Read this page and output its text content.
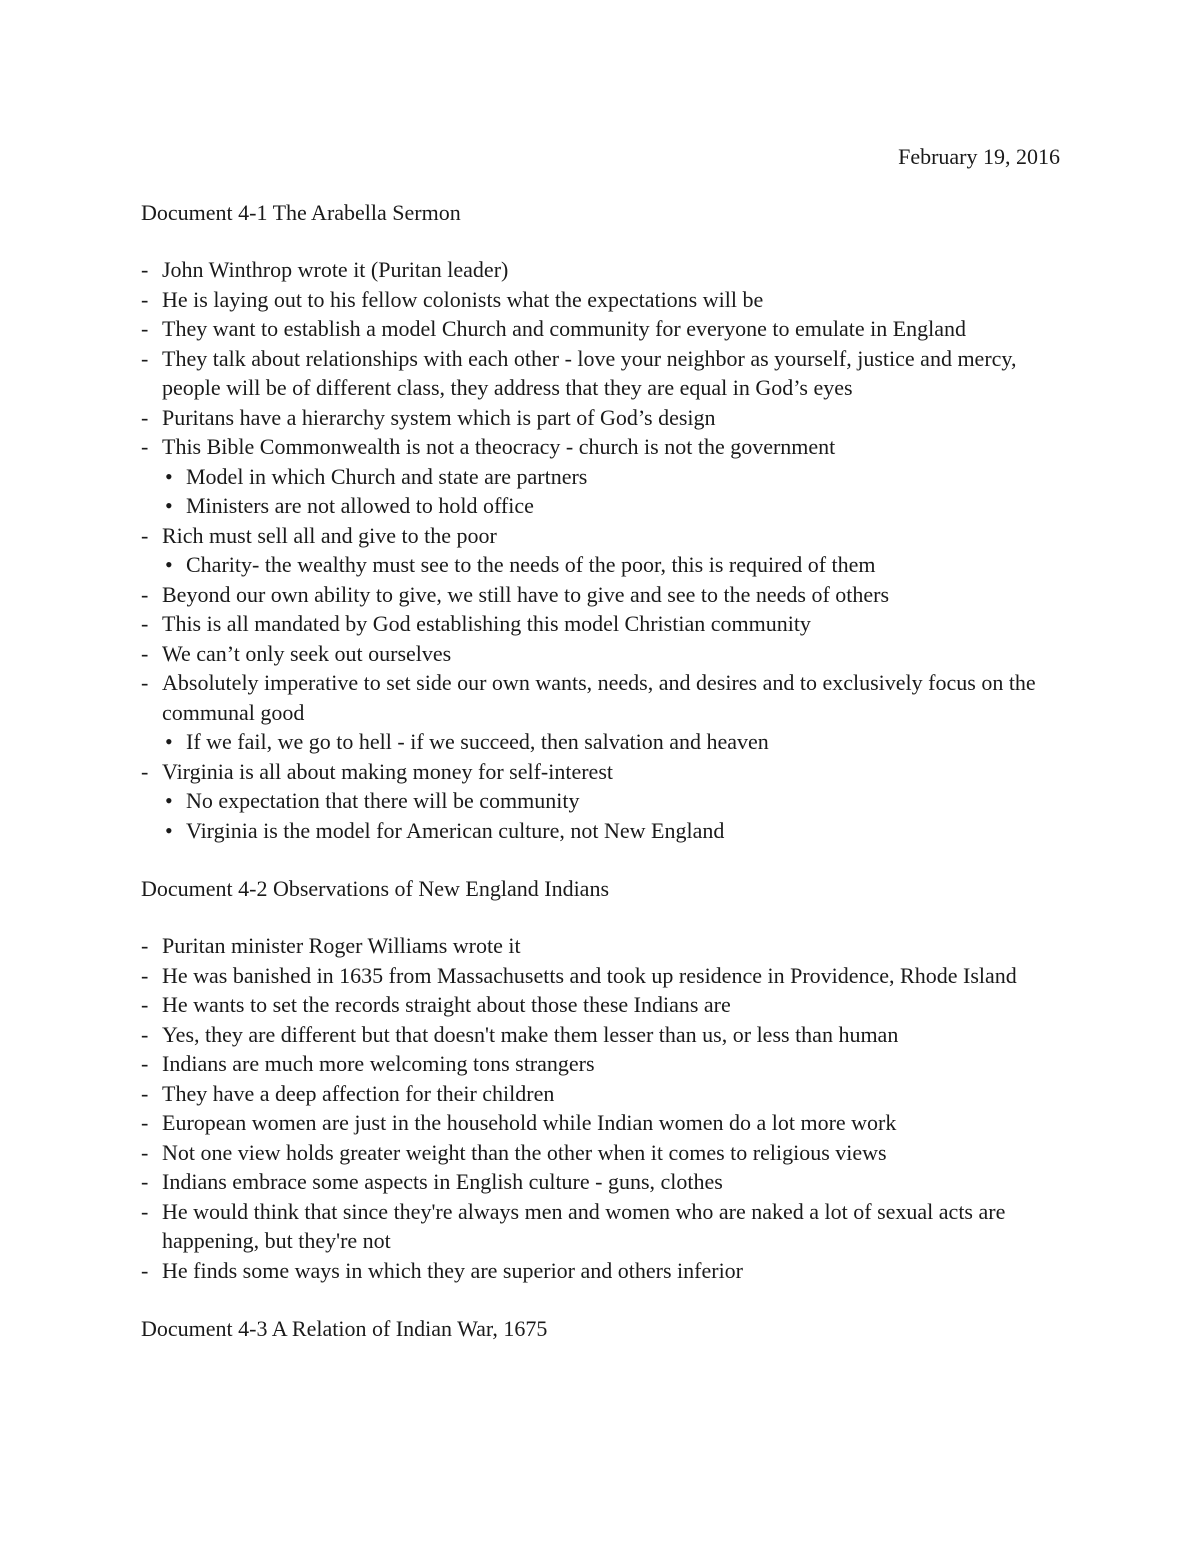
February 19, 2016

Document 4-1 The Arabella Sermon

- John Winthrop wrote it (Puritan leader)
- He is laying out to his fellow colonists what the expectations will be
- They want to establish a model Church and community for everyone to emulate in England
- They talk about relationships with each other - love your neighbor as yourself, justice and mercy, people will be of different class, they address that they are equal in God’s eyes
- Puritans have a hierarchy system which is part of God’s design
- This Bible Commonwealth is not a theocracy - church is not the government
• Model in which Church and state are partners
• Ministers are not allowed to hold office
- Rich must sell all and give to the poor
• Charity- the wealthy must see to the needs of the poor, this is required of them
- Beyond our own ability to give, we still have to give and see to the needs of others
- This is all mandated by God establishing this model Christian community
- We can’t only seek out ourselves
- Absolutely imperative to set side our own wants, needs, and desires and to exclusively focus on the communal good
• If we fail, we go to hell - if we succeed, then salvation and heaven
- Virginia is all about making money for self-interest
• No expectation that there will be community
• Virginia is the model for American culture, not New England

Document 4-2 Observations of New England Indians

- Puritan minister Roger Williams wrote it
- He was banished in 1635 from Massachusetts and took up residence in Providence, Rhode Island
- He wants to set the records straight about those these Indians are
- Yes, they are different but that doesn't make them lesser than us, or less than human
- Indians are much more welcoming tons strangers
- They have a deep affection for their children
- European women are just in the household while Indian women do a lot more work
- Not one view holds greater weight than the other when it comes to religious views
- Indians embrace some aspects in English culture - guns, clothes
- He would think that since they're always men and women who are naked a lot of sexual acts are happening, but they're not
- He finds some ways in which they are superior and others inferior

Document 4-3 A Relation of Indian War, 1675
